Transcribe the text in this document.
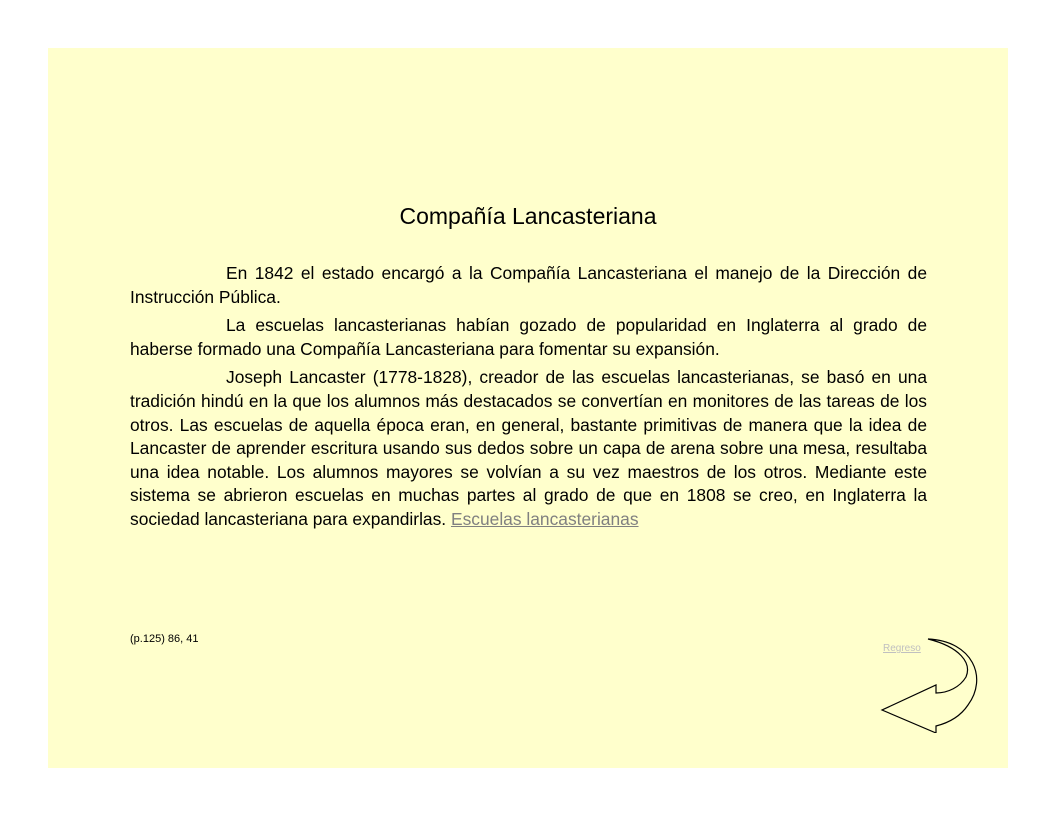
Compañía Lancasteriana

En 1842 el estado encargó a la Compañía Lancasteriana el manejo de la Dirección de Instrucción Pública.

La escuelas lancasterianas habían gozado de popularidad en Inglaterra al grado de haberse formado una Compañía Lancasteriana para fomentar su expansión.

Joseph Lancaster (1778-1828), creador de las escuelas lancasterianas, se basó en una tradición hindú en la que los alumnos más destacados se convertían en monitores de las tareas de los otros. Las escuelas de aquella época eran, en general, bastante primitivas de manera que la idea de Lancaster de aprender escritura usando sus dedos sobre un capa de arena sobre una mesa, resultaba una idea notable. Los alumnos mayores se volvían a su vez maestros de los otros. Mediante este sistema se abrieron escuelas en muchas partes al grado de que en 1808 se creo, en Inglaterra la sociedad lancasteriana para expandirlas. Escuelas lancasterianas

(p.125) 86, 41
Regreso
